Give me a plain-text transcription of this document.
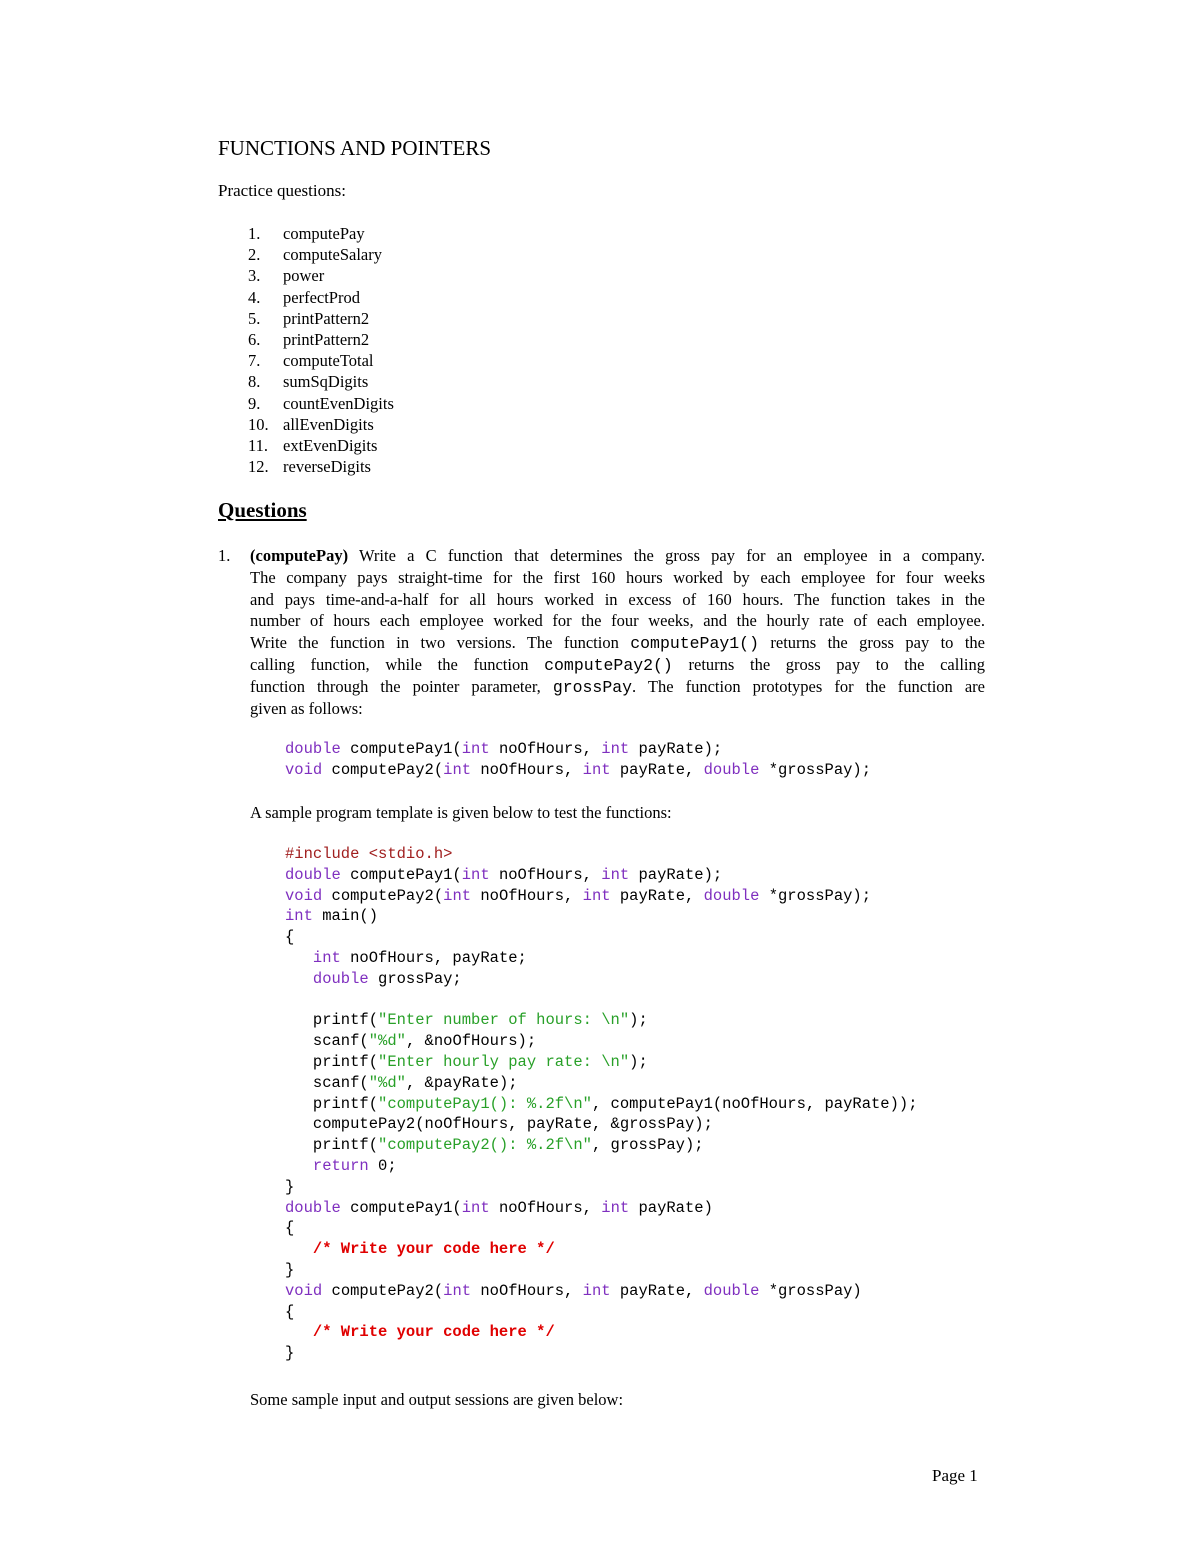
FUNCTIONS AND POINTERS
Practice questions:
1.	computePay
2.	computeSalary
3.	power
4.	perfectProd
5.	printPattern2
6.	printPattern2
7.	computeTotal
8.	sumSqDigits
9.	countEvenDigits
10. allEvenDigits
11. extEvenDigits
12. reverseDigits
Questions
1. (computePay) Write a C function that determines the gross pay for an employee in a company.
The company pays straight-time for the first 160 hours worked by each employee for four weeks
and pays time-and-a-half for all hours worked in excess of 160 hours. The function takes in the
number of hours each employee worked for the four weeks, and the hourly rate of each employee.
Write the function in two versions. The function computePay1() returns the gross pay to the
calling function, while the function computePay2() returns the gross pay to the calling
function through the pointer parameter, grossPay. The function prototypes for the function are
given as follows:
double computePay1(int noOfHours, int payRate);
void computePay2(int noOfHours, int payRate, double *grossPay);
A sample program template is given below to test the functions:
#include <stdio.h>
double computePay1(int noOfHours, int payRate);
void computePay2(int noOfHours, int payRate, double *grossPay);
int main()
{
int noOfHours, payRate;
double grossPay;

printf("Enter number of hours: \n");
scanf("%d", &noOfHours);
printf("Enter hourly pay rate: \n");
scanf("%d", &payRate);
printf("computePay1(): %.2f\n", computePay1(noOfHours, payRate));
computePay2(noOfHours, payRate, &grossPay);
printf("computePay2(): %.2f\n", grossPay);
return 0;
}
double computePay1(int noOfHours, int payRate)
{
/* Write your code here */
}
void computePay2(int noOfHours, int payRate, double *grossPay)
{
/* Write your code here */
}
Some sample input and output sessions are given below:
Page 1
